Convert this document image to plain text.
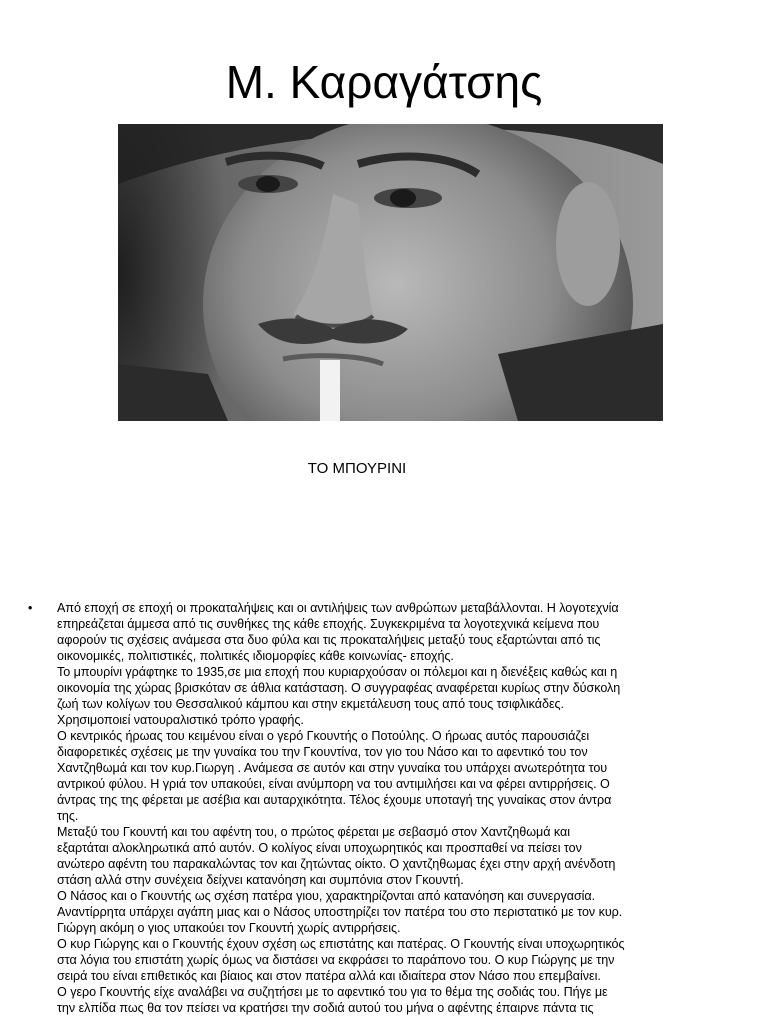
Μ. Καραγάτσης
ΤΟ ΜΠΟΥΡΙΝΙ
• Από εποχή σε εποχή οι προκαταλήψεις και οι αντιλήψεις των ανθρώπων μεταβάλλονται. Η λογοτεχνία
επηρεάζεται άμμεσα από τις συνθήκες της κάθε εποχής. Συγκεκριμένα τα λογοτεχνικά κείμενα που
αφορούν τις σχέσεις ανάμεσα στα δυο φύλα και τις προκαταλήψεις μεταξύ τους εξαρτώνται από τις
οικονομικές, πολιτιστικές, πολιτικές ιδιομορφίες κάθε κοινωνίας- εποχής.
Το μπουρίνι γράφτηκε το 1935,σε μια εποχή που κυριαρχούσαν οι πόλεμοι και η διενέξεις καθώς και η
οικονομία της χώρας βρισκόταν σε άθλια κατάσταση. Ο συγγραφέας αναφέρεται κυρίως στην δύσκολη
ζωή των κολίγων του Θεσσαλικού κάμπου και στην εκμετάλευση τους από τους τσιφλικάδες.
Χρησιμοποιεί νατουραλιστικό τρόπο γραφής.
Ο κεντρικός ήρωας του κειμένου είναι ο γερό Γκουντής ο Ποτούλης. Ο ήρωας αυτός παρουσιάζει
διαφορετικές σχέσεις με την γυναίκα του την Γκουντίνα, τον γιο του Νάσο και το αφεντικό του τον
Χαντζηθωμά και τον κυρ.Γιωργη . Ανάμεσα σε αυτόν και στην γυναίκα του υπάρχει ανωτερότητα του
αντρικού φύλου. Η γριά τον υπακούει, είναι ανύμπορη να του αντιμιλήσει και να φέρει αντιρρήσεις. Ο
άντρας της της φέρεται με ασέβια και αυταρχικότητα. Τέλος έχουμε υποταγή της γυναίκας στον άντρα
της.
Μεταξύ του Γκουντή και του αφέντη του, ο πρώτος φέρεται με σεβασμό στον Χαντζηθωμά και
εξαρτάται αλοκληρωτικά από αυτόν. Ο κολίγος είναι υποχωρητικός και προσπαθεί να πείσει τον
ανώτερο αφέντη του παρακαλώντας τον και ζητώντας οίκτο. Ο χαντζηθωμας έχει στην αρχή ανένδοτη
στάση αλλά στην συνέχεια δείχνει κατανόηση και συμπόνια στον Γκουντή.
Ο Νάσος και ο Γκουντής ως σχέση πατέρα γιου, χαρακτηρίζονται από κατανόηση και συνεργασία.
Αναντίρρητα υπάρχει αγάπη μιας και ο Νάσος υποστηρίζει τον πατέρα του στο περιστατικό με τον κυρ.
Γιώργη ακόμη ο γιος υπακούει τον Γκουντή χωρίς αντιρρήσεις.
Ο κυρ Γιώργης και ο Γκουντής έχουν σχέση ως επιστάτης και πατέρας. Ο Γκουντής είναι υποχωρητικός
στα λόγια του επιστάτη χωρίς όμως να διστάσει να εκφράσει το παράπονο του. Ο κυρ Γιώργης με την
σειρά του είναι επιθετικός και βίαιος και στον πατέρα αλλά και ιδιαίτερα στον Νάσο που επεμβαίνει.
Ο γερο Γκουντής είχε αναλάβει να συζητήσει με το αφεντικό του για το θέμα της σοδιάς του. Πήγε με
την ελπίδα πως θα τον πείσει να κρατήσει την σοδιά αυτού του μήνα ο αφέντης έπαιρνε πάντα τις
